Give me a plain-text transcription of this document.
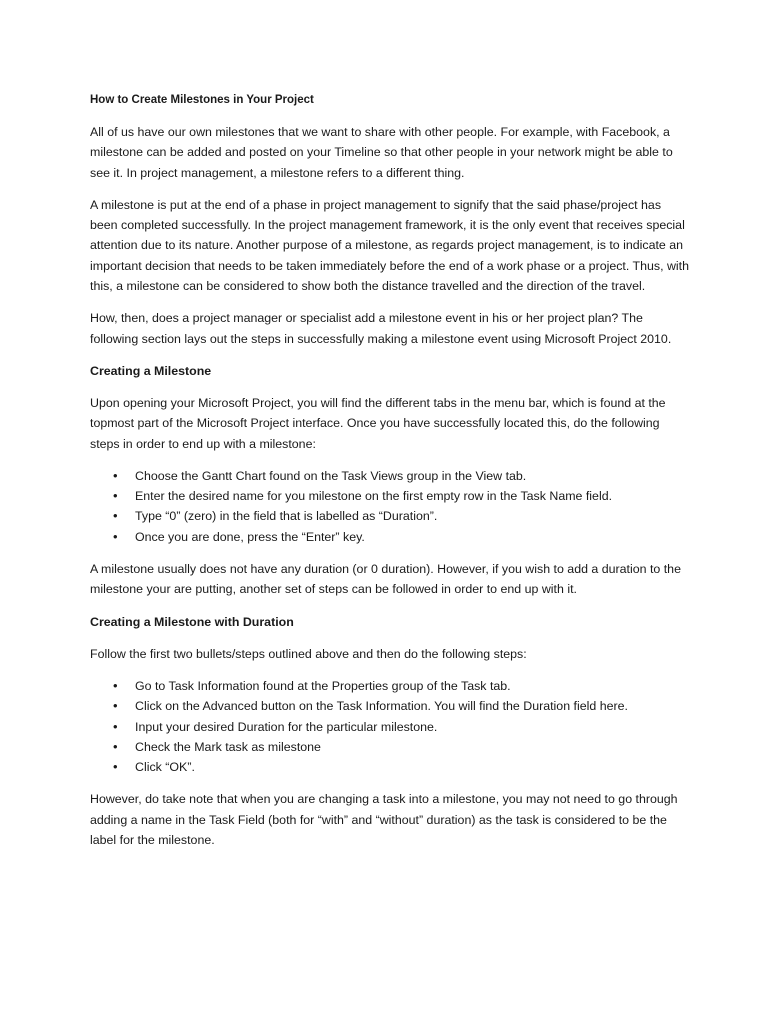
How to Create Milestones in Your Project

All of us have our own milestones that we want to share with other people. For example, with Facebook, a milestone can be added and posted on your Timeline so that other people in your network might be able to see it. In project management, a milestone refers to a different thing.

A milestone is put at the end of a phase in project management to signify that the said phase/project has been completed successfully. In the project management framework, it is the only event that receives special attention due to its nature. Another purpose of a milestone, as regards project management, is to indicate an important decision that needs to be taken immediately before the end of a work phase or a project. Thus, with this, a milestone can be considered to show both the distance travelled and the direction of the travel.

How, then, does a project manager or specialist add a milestone event in his or her project plan? The following section lays out the steps in successfully making a milestone event using Microsoft Project 2010.

Creating a Milestone

Upon opening your Microsoft Project, you will find the different tabs in the menu bar, which is found at the topmost part of the Microsoft Project interface. Once you have successfully located this, do the following steps in order to end up with a milestone:

• Choose the Gantt Chart found on the Task Views group in the View tab.
• Enter the desired name for you milestone on the first empty row in the Task Name field.
• Type “0” (zero) in the field that is labelled as “Duration”.
• Once you are done, press the “Enter” key.

A milestone usually does not have any duration (or 0 duration). However, if you wish to add a duration to the milestone your are putting, another set of steps can be followed in order to end up with it.

Creating a Milestone with Duration

Follow the first two bullets/steps outlined above and then do the following steps:

• Go to Task Information found at the Properties group of the Task tab.
• Click on the Advanced button on the Task Information. You will find the Duration field here.
• Input your desired Duration for the particular milestone.
• Check the Mark task as milestone
• Click “OK”.

However, do take note that when you are changing a task into a milestone, you may not need to go through adding a name in the Task Field (both for “with” and “without” duration) as the task is considered to be the label for the milestone.
